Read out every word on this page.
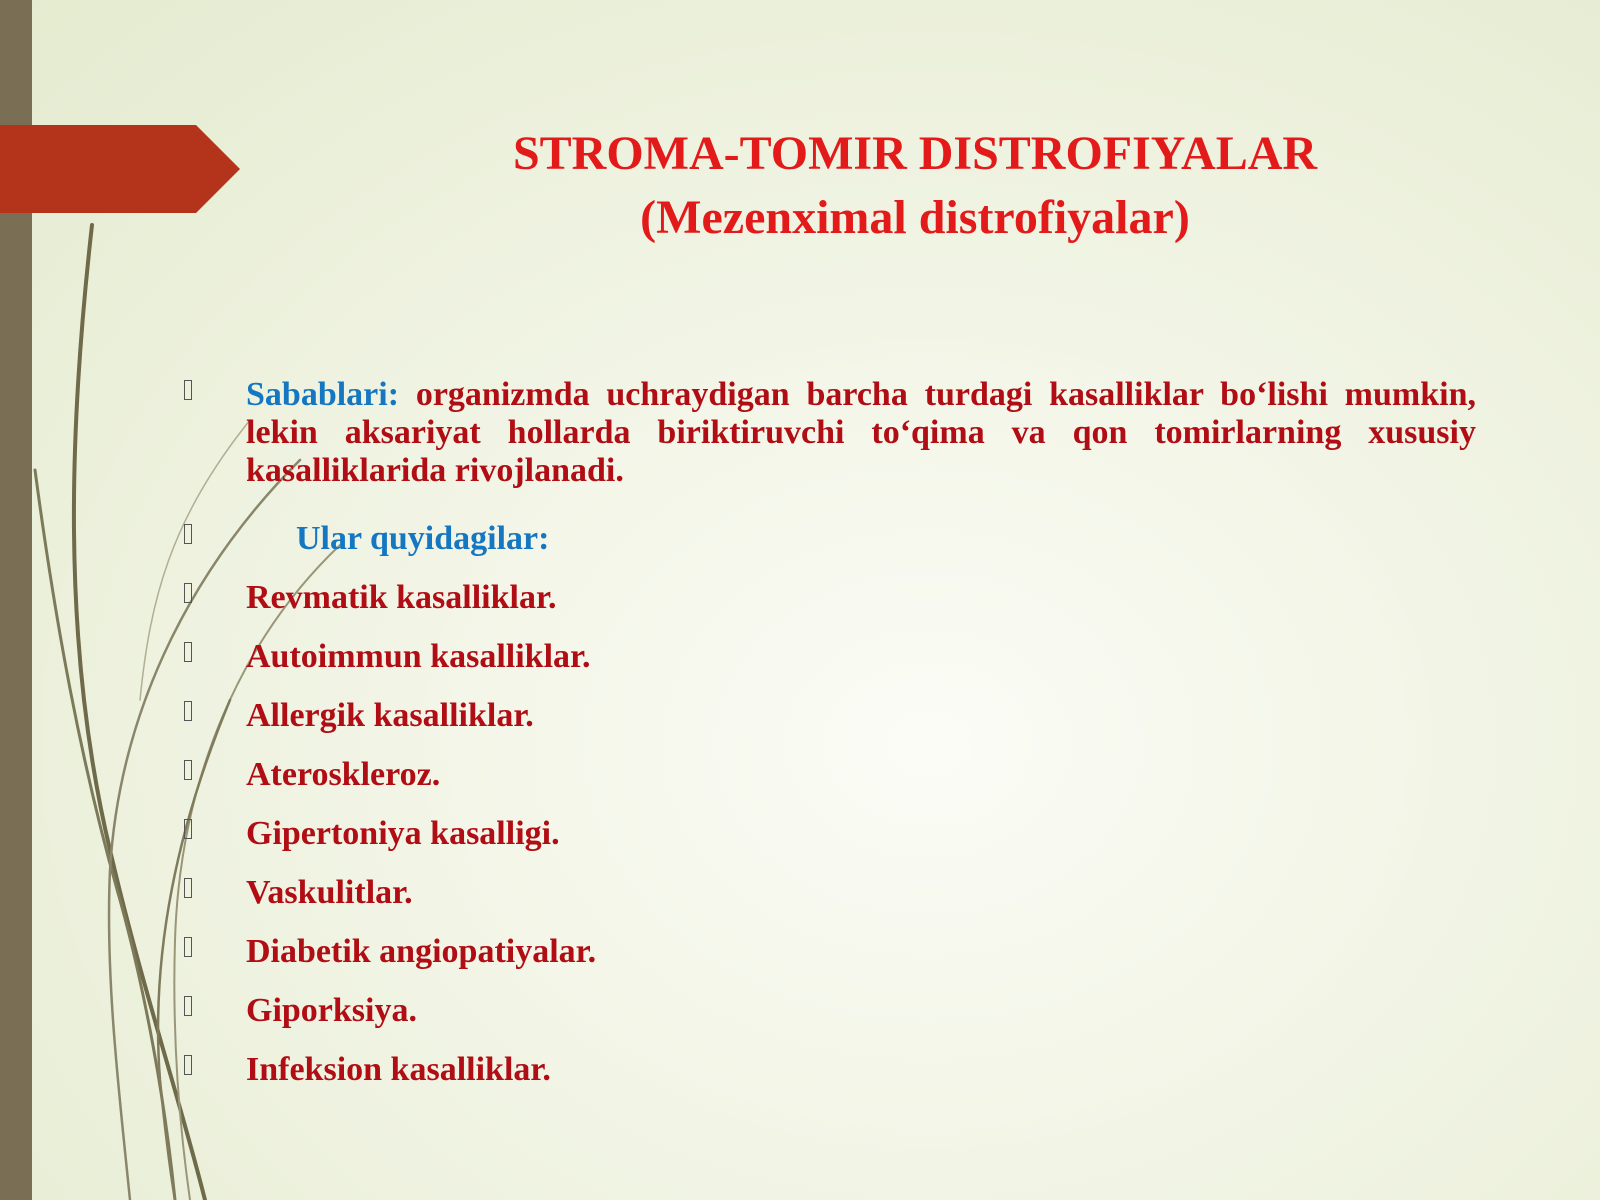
STROMA-TOMIR DISTROFIYALAR
(Mezenximal distrofiyalar)
Sabablari: organizmda uchraydigan barcha turdagi kasalliklar bo‘lishi mumkin, lekin aksariyat hollarda biriktiruvchi to‘qima va qon tomirlarning xususiy kasalliklarida rivojlanadi.
Ular quyidagilar:
Revmatik kasalliklar.
Autoimmun kasalliklar.
Allergik kasalliklar.
Ateroskleroz.
Gipertoniya kasalligi.
Vaskulitlar.
Diabetik angiopatiyalar.
Giporksiya.
Infeksion kasalliklar.
